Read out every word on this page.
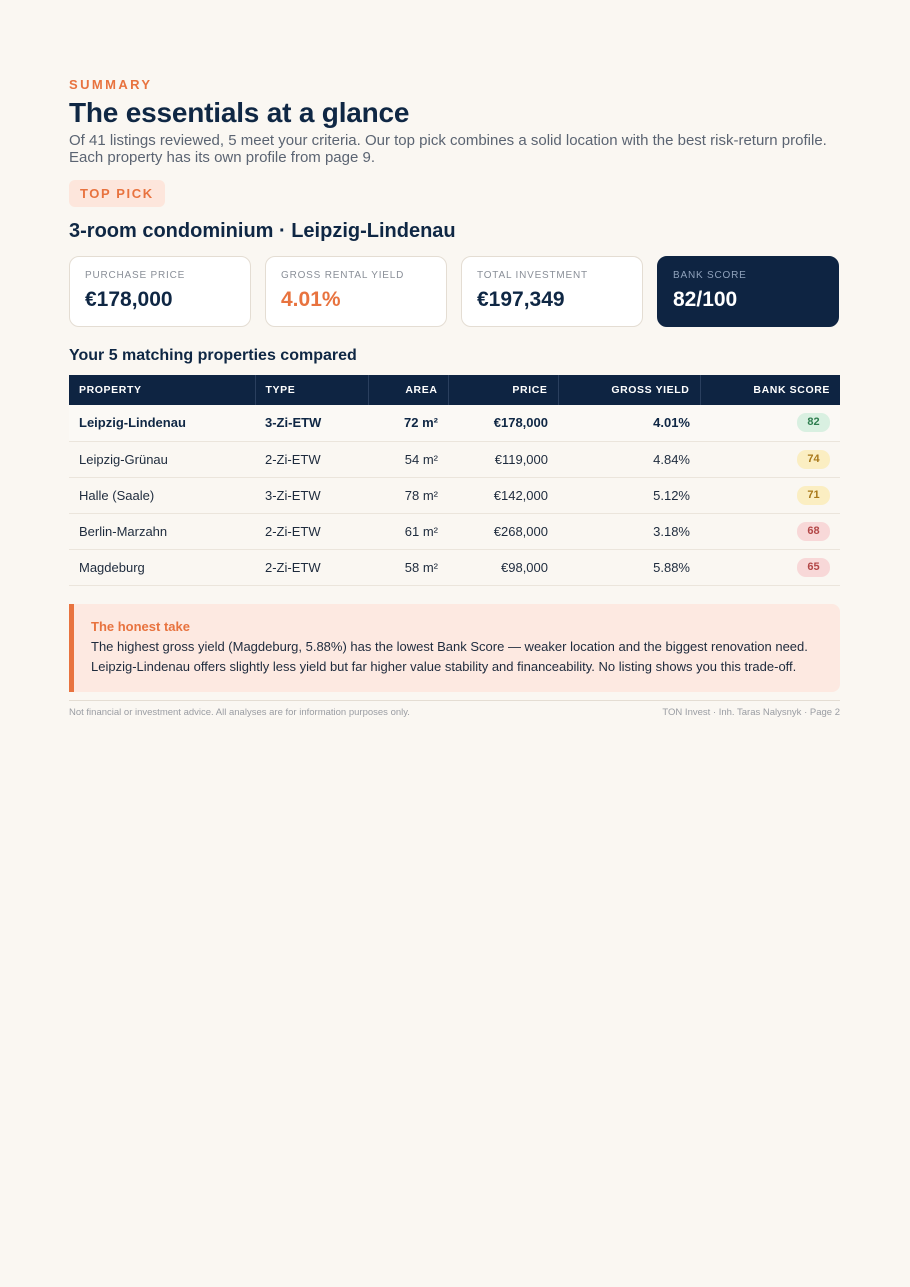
SUMMARY
The essentials at a glance

Of 41 listings reviewed, 5 meet your criteria. Our top pick combines a solid location with the best risk-return profile. Each property has its own profile from page 9.

TOP PICK
3-room condominium · Leipzig-Lindenau
PURCHASE PRICE
€178,000
GROSS RENTAL YIELD
4.01%
TOTAL INVESTMENT
€197,349
BANK SCORE
82/100
Your 5 matching properties compared
PROPERTY	TYPE	AREA	PRICE	GROSS YIELD	BANK SCORE
Leipzig-Lindenau	3-Zi-ETW	72 m²	€178,000	4.01%	82
Leipzig-Grünau	2-Zi-ETW	54 m²	€119,000	4.84%	74
Halle (Saale)	3-Zi-ETW	78 m²	€142,000	5.12%	71
Berlin-Marzahn	2-Zi-ETW	61 m²	€268,000	3.18%	68
Magdeburg	2-Zi-ETW	58 m²	€98,000	5.88%	65
The honest take
The highest gross yield (Magdeburg, 5.88%) has the lowest Bank Score — weaker location and the biggest renovation need. Leipzig-Lindenau offers slightly less yield but far higher value stability and financeability. No listing shows you this trade-off.
Not financial or investment advice. All analyses are for information purposes only.	TON Invest · Inh. Taras Nalysnyk · Page 2
